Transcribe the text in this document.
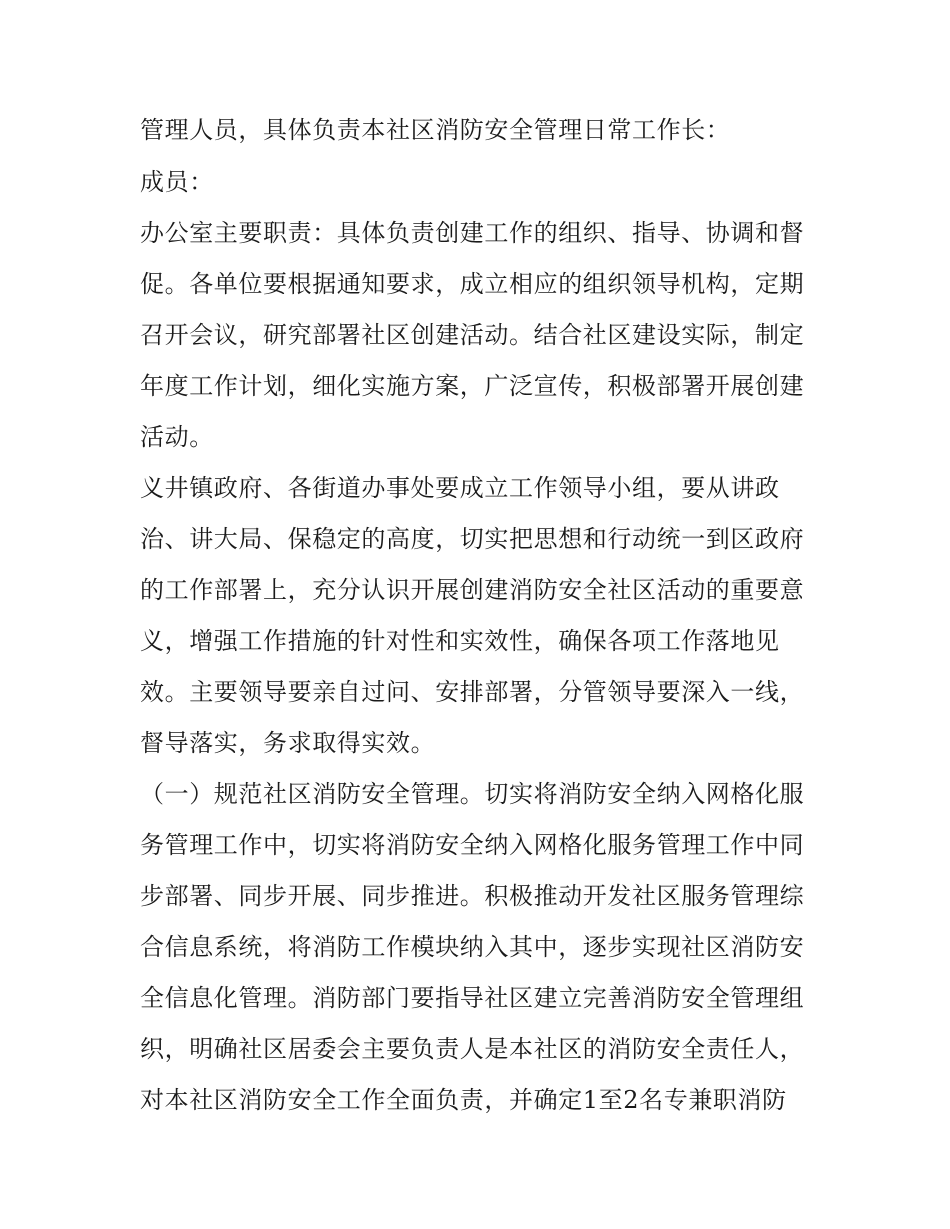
管理人员，具体负责本社区消防安全管理日常工作长：
成员：
办公室主要职责：具体负责创建工作的组织、指导、协调和督
促。各单位要根据通知要求，成立相应的组织领导机构，定期
召开会议，研究部署社区创建活动。结合社区建设实际，制定
年度工作计划，细化实施方案，广泛宣传，积极部署开展创建
活动。
义井镇政府、各街道办事处要成立工作领导小组，要从讲政
治、讲大局、保稳定的高度，切实把思想和行动统一到区政府
的工作部署上，充分认识开展创建消防安全社区活动的重要意
义，增强工作措施的针对性和实效性，确保各项工作落地见
效。主要领导要亲自过问、安排部署，分管领导要深入一线，
督导落实，务求取得实效。
（一）规范社区消防安全管理。切实将消防安全纳入网格化服
务管理工作中，切实将消防安全纳入网格化服务管理工作中同
步部署、同步开展、同步推进。积极推动开发社区服务管理综
合信息系统，将消防工作模块纳入其中，逐步实现社区消防安
全信息化管理。消防部门要指导社区建立完善消防安全管理组
织，明确社区居委会主要负责人是本社区的消防安全责任人，
对本社区消防安全工作全面负责，并确定1至2名专兼职消防
